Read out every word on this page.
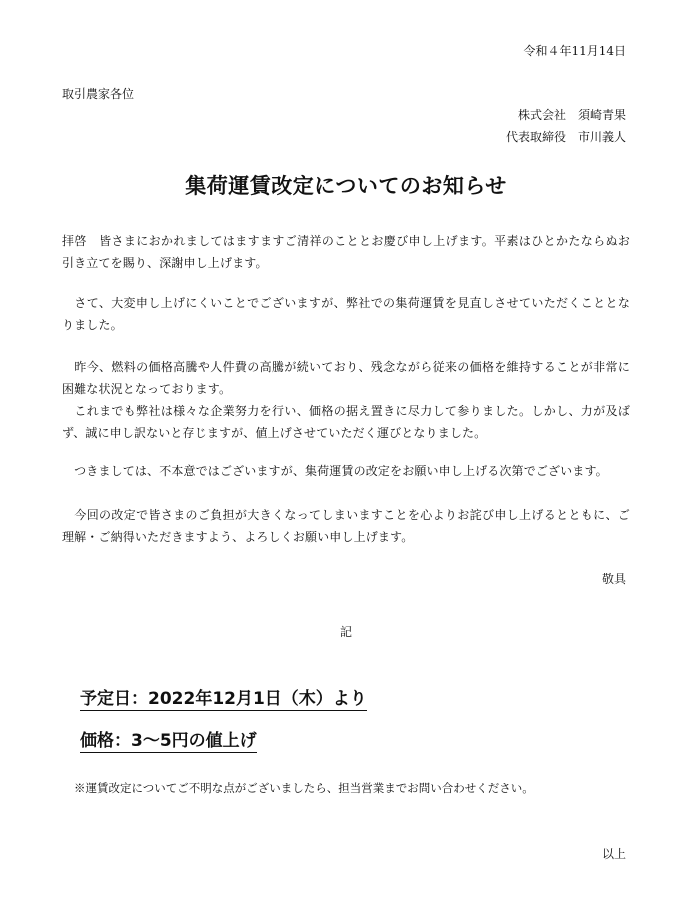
令和４年11月14日
取引農家各位
株式会社　須崎青果
代表取締役　市川義人
集荷運賃改定についてのお知らせ
拝啓　皆さまにおかれましてはますますご清祥のこととお慶び申し上げます。平素はひとかたならぬお引き立てを賜り、深謝申し上げます。
　さて、大変申し上げにくいことでございますが、弊社での集荷運賃を見直しさせていただくこととなりました。
　昨今、燃料の価格高騰や人件費の高騰が続いており、残念ながら従来の価格を維持することが非常に困難な状況となっております。
　これまでも弊社は様々な企業努力を行い、価格の据え置きに尽力して参りました。しかし、力が及ばず、誠に申し訳ないと存じますが、値上げさせていただく運びとなりました。
　つきましては、不本意ではございますが、集荷運賃の改定をお願い申し上げる次第でございます。
　今回の改定で皆さまのご負担が大きくなってしまいますことを心よりお詫び申し上げるとともに、ご理解・ご納得いただきますよう、よろしくお願い申し上げます。
敬具
記
予定日：2022年12月1日（木）より
価格：3～5円の値上げ
※運賃改定についてご不明な点がございましたら、担当営業までお問い合わせください。
以上
